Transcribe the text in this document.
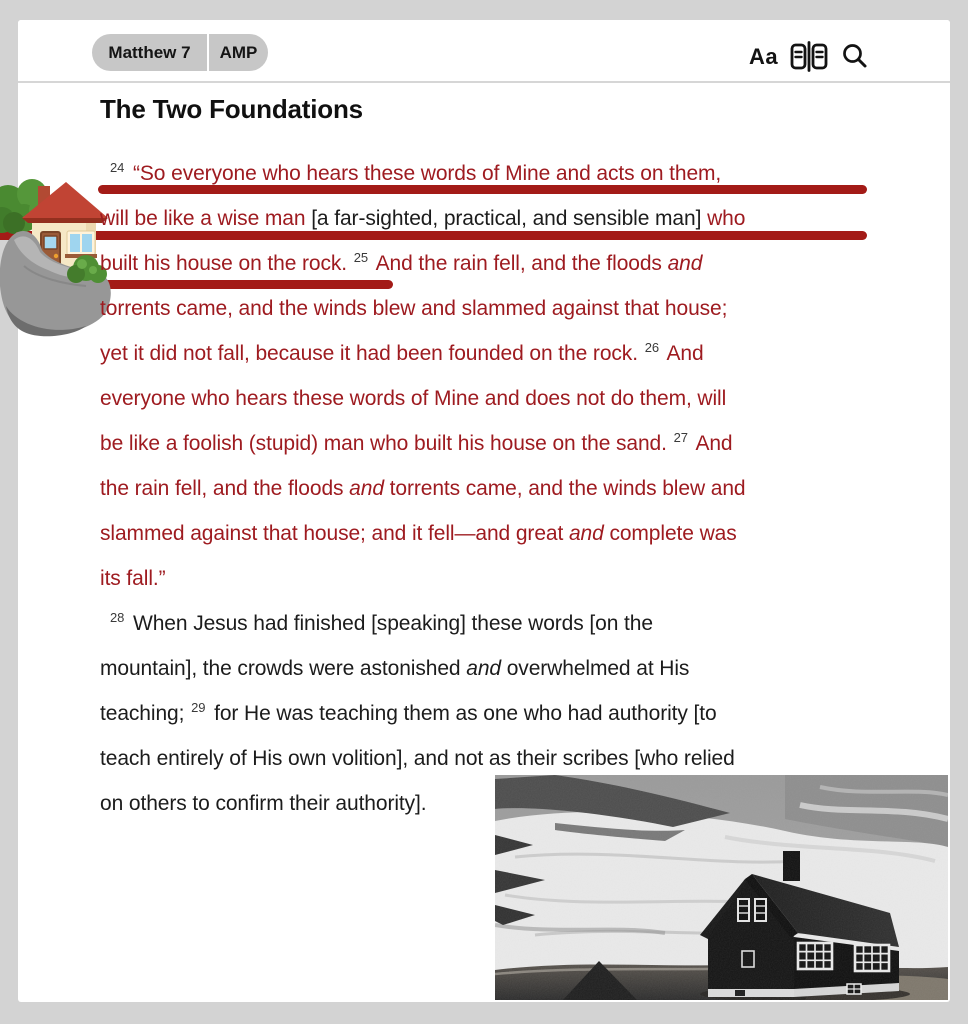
Matthew 7	AMP	Aa
The Two Foundations
$^{24}$ “So everyone who hears these words of Mine and acts on them,
will be like a wise man [a far-sighted, practical, and sensible man] who
built his house on the rock. $^{25}$ And the rain fell, and the floods and
torrents came, and the winds blew and slammed against that house;
yet it did not fall, because it had been founded on the rock. $^{26}$ And
everyone who hears these words of Mine and does not do them, will
be like a foolish (stupid) man who built his house on the sand. $^{27}$ And
the rain fell, and the floods and torrents came, and the winds blew and
slammed against that house; and it fell—and great and complete was
its fall.”
$^{28}$ When Jesus had finished [speaking] these words [on the
mountain], the crowds were astonished and overwhelmed at His
teaching; $^{29}$ for He was teaching them as one who had authority [to
teach entirely of His own volition], and not as their scribes [who relied
on others to confirm their authority].
